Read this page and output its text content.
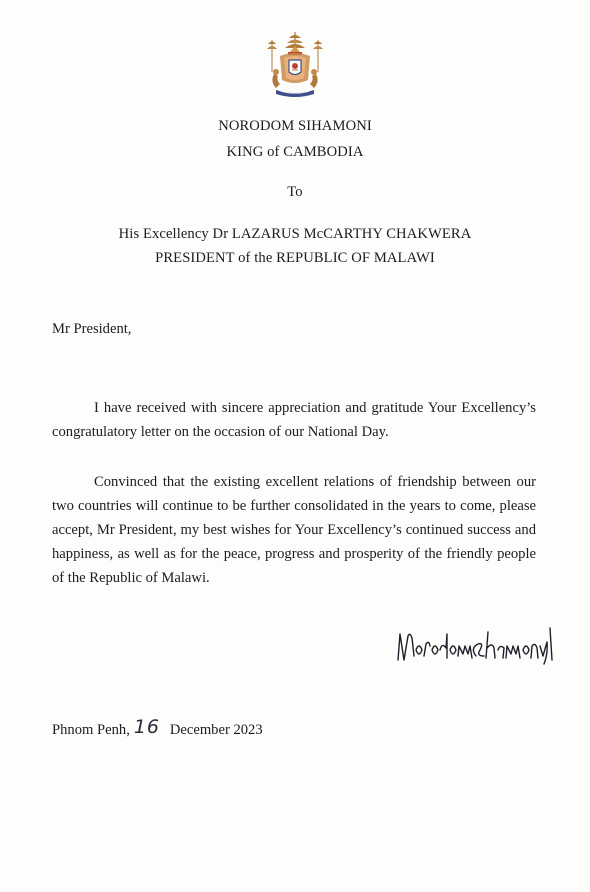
NORODOM SIHAMONI
KING of CAMBODIA
To
His Excellency Dr LAZARUS McCARTHY CHAKWERA
PRESIDENT of the REPUBLIC OF MALAWI
Mr President,

I have received with sincere appreciation and gratitude Your Excellency’s congratulatory letter on the occasion of our National Day.

Convinced that the existing excellent relations of friendship between our two countries will continue to be further consolidated in the years to come, please accept, Mr President, my best wishes for Your Excellency’s continued success and happiness, as well as for the peace, progress and prosperity of the friendly people of the Republic of Malawi.

Phnom Penh, 16 December 2023
